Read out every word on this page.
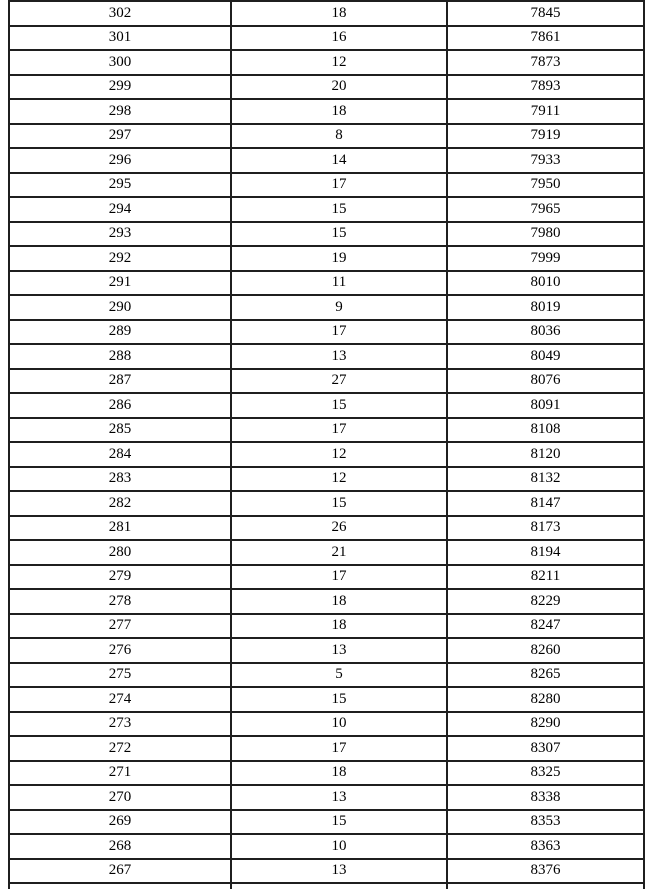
302	18	7845
301	16	7861
300	12	7873
299	20	7893
298	18	7911
297	8	7919
296	14	7933
295	17	7950
294	15	7965
293	15	7980
292	19	7999
291	11	8010
290	9	8019
289	17	8036
288	13	8049
287	27	8076
286	15	8091
285	17	8108
284	12	8120
283	12	8132
282	15	8147
281	26	8173
280	21	8194
279	17	8211
278	18	8229
277	18	8247
276	13	8260
275	5	8265
274	15	8280
273	10	8290
272	17	8307
271	18	8325
270	13	8338
269	15	8353
268	10	8363
267	13	8376
